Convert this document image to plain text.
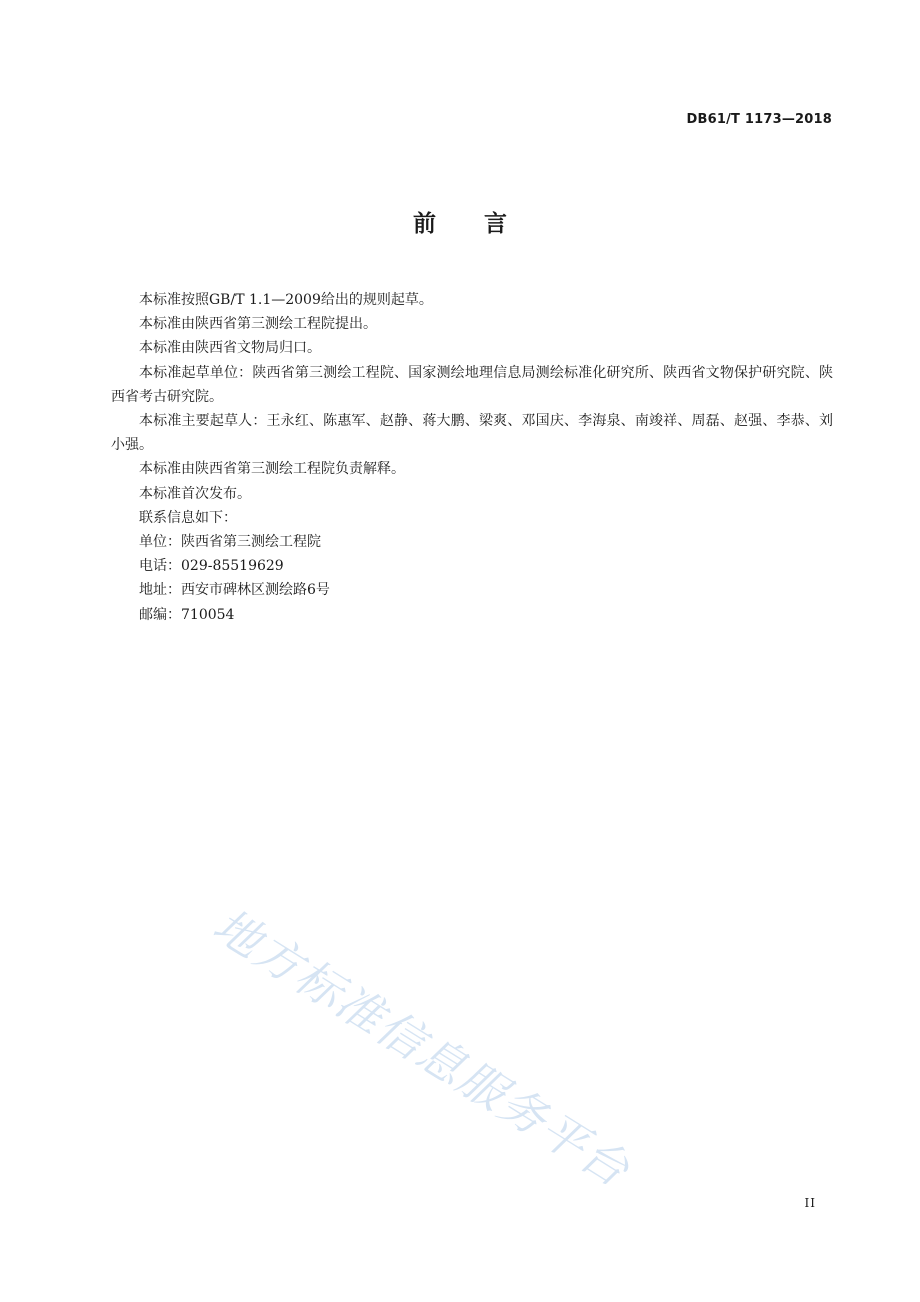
DB61/T 1173—2018
前言

本标准按照GB/T 1.1—2009给出的规则起草。

本标准由陕西省第三测绘工程院提出。

本标准由陕西省文物局归口。

本标准起草单位：陕西省第三测绘工程院、国家测绘地理信息局测绘标准化研究所、陕西省文物保护研究院、陕西省考古研究院。

本标准主要起草人：王永红、陈惠军、赵静、蒋大鹏、梁爽、邓国庆、李海泉、南竣祥、周磊、赵强、李恭、刘小强。

本标准由陕西省第三测绘工程院负责解释。

本标准首次发布。

联系信息如下：

单位：陕西省第三测绘工程院

电话：029-85519629

地址：西安市碑林区测绘路6号

邮编：710054

地方标准信息服务平台
II
